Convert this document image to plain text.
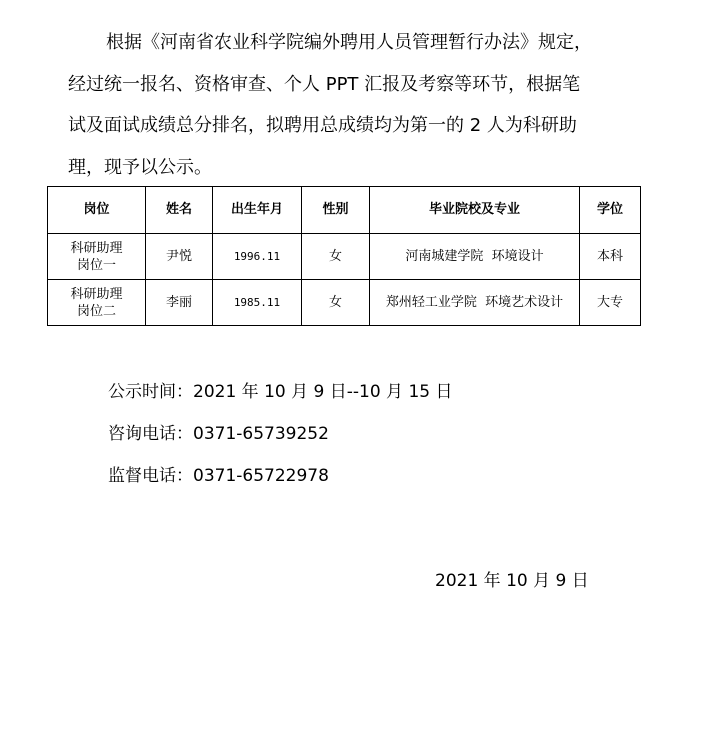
根据《河南省农业科学院编外聘用人员管理暂行办法》规定，
经过统一报名、资格审查、个人 PPT 汇报及考察等环节，根据笔
试及面试成绩总分排名，拟聘用总成绩均为第一的 2 人为科研助
理，现予以公示。
岗位	姓名	出生年月	性别	毕业院校及专业	学位
科研助理
岗位一	尹悦	1996.11	女	河南城建学院  环境设计	本科
科研助理
岗位二	李丽	1985.11	女	郑州轻工业学院  环境艺术设计	大专
公示时间：2021 年 10 月 9 日--10 月 15 日
咨询电话：0371-65739252
监督电话：0371-65722978
2021 年 10 月 9 日
